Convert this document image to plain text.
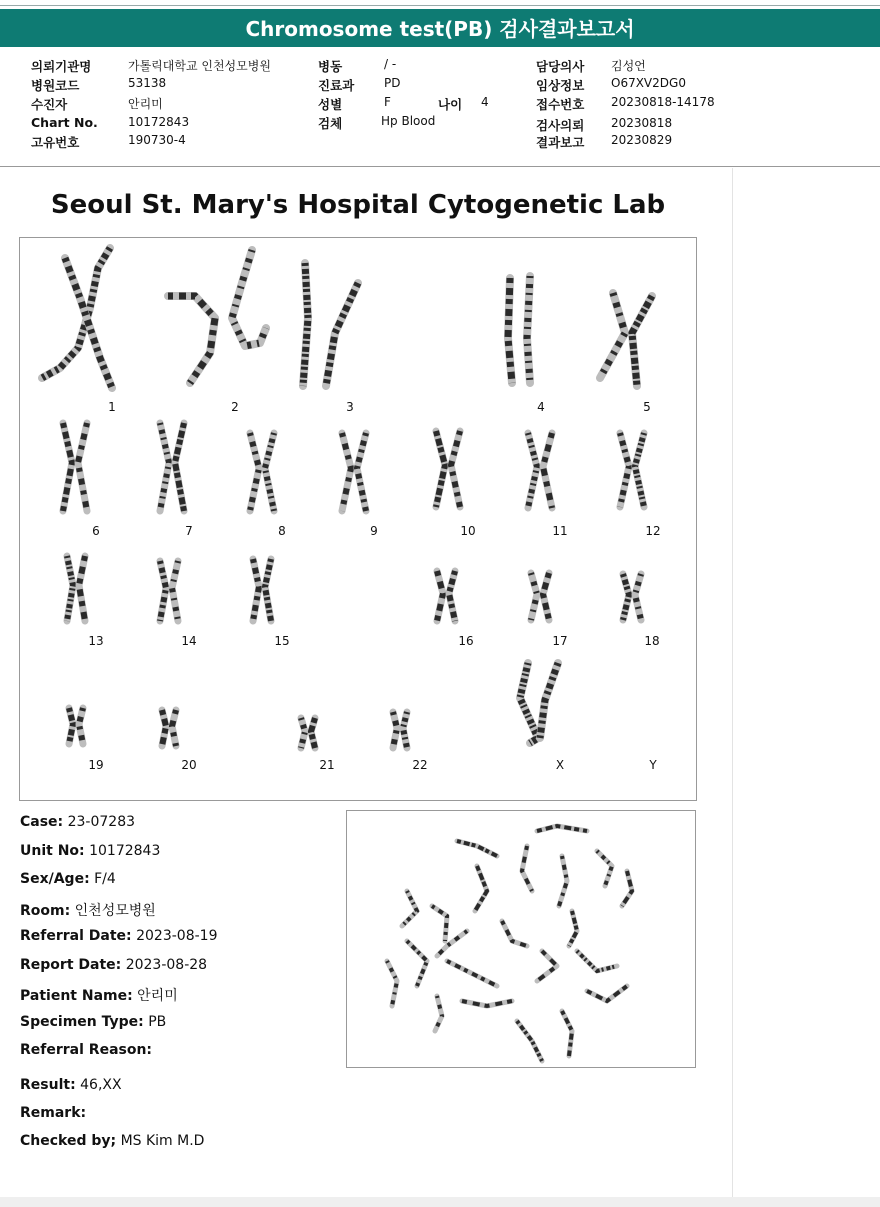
Chromosome test(PB) 검사결과보고서
의뢰기관명	가톨릭대학교 인천성모병원
병원코드	53138
수진자	안리미
Chart No.	10172843
고유번호	190730-4
병동	/ -
진료과 PD
성별	F	나이 4
검체	Hp Blood
담당의사 김성언
임상정보 O67XV2DG0
접수번호 20230818-14178
검사의뢰 20230818
결과보고 20230829
Seoul St. Mary's Hospital Cytogenetic Lab
1	2	3	4	5
6	7	8	9	10	11	12
13	14	15	16	17	18
19	20	21	22	X	Y
Case: 23-07283
Unit No: 10172843
Sex/Age: F/4
Room: 인천성모병원
Referral Date: 2023-08-19
Report Date: 2023-08-28
Patient Name: 안리미
Specimen Type: PB
Referral Reason:
Result: 46,XX
Remark:
Checked by; MS Kim M.D
